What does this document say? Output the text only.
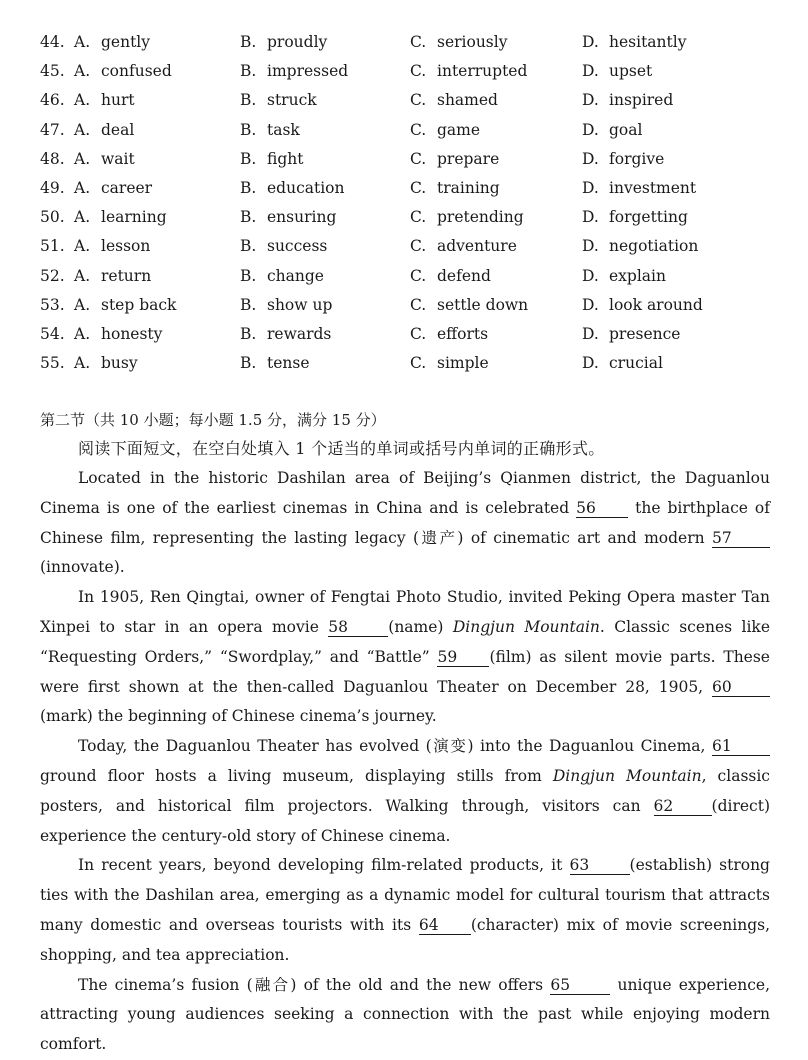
44. A. gently	B. proudly	C. seriously	D. hesitantly
45. A. confused	B. impressed	C. interrupted	D. upset
46. A. hurt	B. struck	C. shamed	D. inspired
47. A. deal	B. task	C. game	D. goal
48. A. wait	B. fight	C. prepare	D. forgive
49. A. career	B. education	C. training	D. investment
50. A. learning	B. ensuring	C. pretending	D. forgetting
51. A. lesson	B. success	C. adventure	D. negotiation
52. A. return	B. change	C. defend	D. explain
53. A. step back	B. show up	C. settle down	D. look around
54. A. honesty	B. rewards	C. efforts	D. presence
55. A. busy	B. tense	C. simple	D. crucial
第二节（共 10 小题；每小题 1.5 分，满分 15 分）
阅读下面短文，在空白处填入 1 个适当的单词或括号内单词的正确形式。

Located in the historic Dashilan area of Beijing’s Qianmen district, the Daguanlou Cinema is one of the earliest cinemas in China and is celebrated 56	the birthplace of Chinese film, representing the lasting legacy (遗产) of cinematic art and modern 57(innovate).

In 1905, Ren Qingtai, owner of Fengtai Photo Studio, invited Peking Opera master Tan Xinpei to star in an opera movie 58	(name) Dingjun Mountain. Classic scenes like “Requesting Orders,” “Swordplay,” and “Battle” 59 (film) as silent movie parts. These were first shown at the then-called Daguanlou Theater on December 28, 1905, 60(mark) the beginning of Chinese cinema’s journey.

Today, the Daguanlou Theater has evolved (演变) into the Daguanlou Cinema, 61 ground floor hosts a living museum, displaying stills from Dingjun Mountain, classic posters, and historical film projectors. Walking through, visitors can 62 (direct) experience the century-old story of Chinese cinema.

In recent years, beyond developing film-related products, it 63	(establish) strong ties with the Dashilan area, emerging as a dynamic model for cultural tourism that attracts many domestic and overseas tourists with its 64 (character) mix of movie screenings, shopping, and tea appreciation.

The cinema’s fusion (融合) of the old and the new offers 65	unique experience, attracting young audiences seeking a connection with the past while enjoying modern comfort.
